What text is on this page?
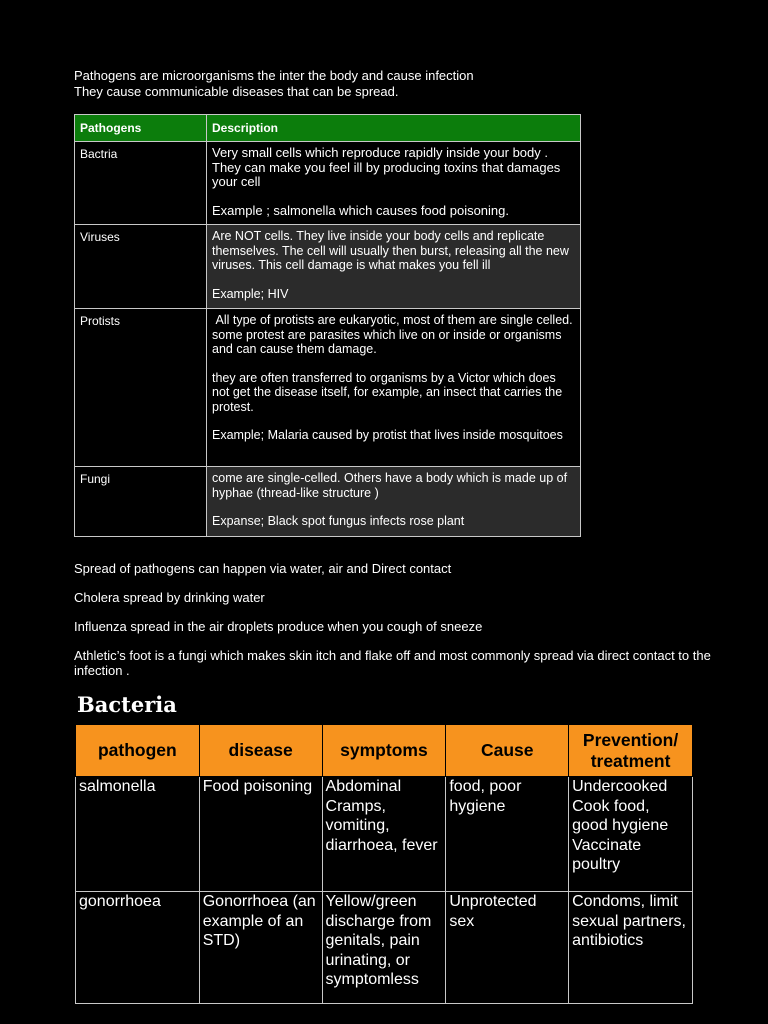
Pathogens are microorganisms the inter the body and cause infection
They cause communicable diseases that can be spread.
Pathogens	Description
Bactria	Very small cells which reproduce rapidly inside your body . They can make you feel ill by producing toxins that damages your cell
Example ; salmonella which causes food poisoning.

Viruses	Are NOT cells. They live inside your body cells and replicate themselves. The cell will usually then burst, releasing all the new viruses. This cell damage is what makes you fell ill
Example; HIV

Protists	All type of protists are eukaryotic, most of them are single celled. some protest are parasites which live on or inside or organisms and can cause them damage.
they are often transferred to organisms by a Victor which does not get the disease itself, for example, an insect that carries the protest.
Example; Malaria caused by protist that lives inside mosquitoes

Fungi	come are single-celled. Others have a body which is made up of hyphae (thread-like structure )
Expanse; Black spot fungus infects rose plant

Spread of pathogens can happen via water, air and Direct contact

Cholera spread by drinking water

Influenza spread in the air droplets produce when you cough of sneeze

Athletic’s foot is a fungi which makes skin itch and flake off and most commonly spread via direct contact to the infection .

Bacteria
pathogen	disease	symptoms	Cause	Prevention/ treatment
salmonella	Food poisoning	Abdominal Cramps, vomiting, diarrhoea, fever	food, poor hygiene	Undercooked Cook food, good hygiene Vaccinate poultry
gonorrhoea	Gonorrhoea (an example of an STD)	Yellow/green discharge from genitals, pain urinating, or symptomless	Unprotected sex	Condoms, limit sexual partners, antibiotics
